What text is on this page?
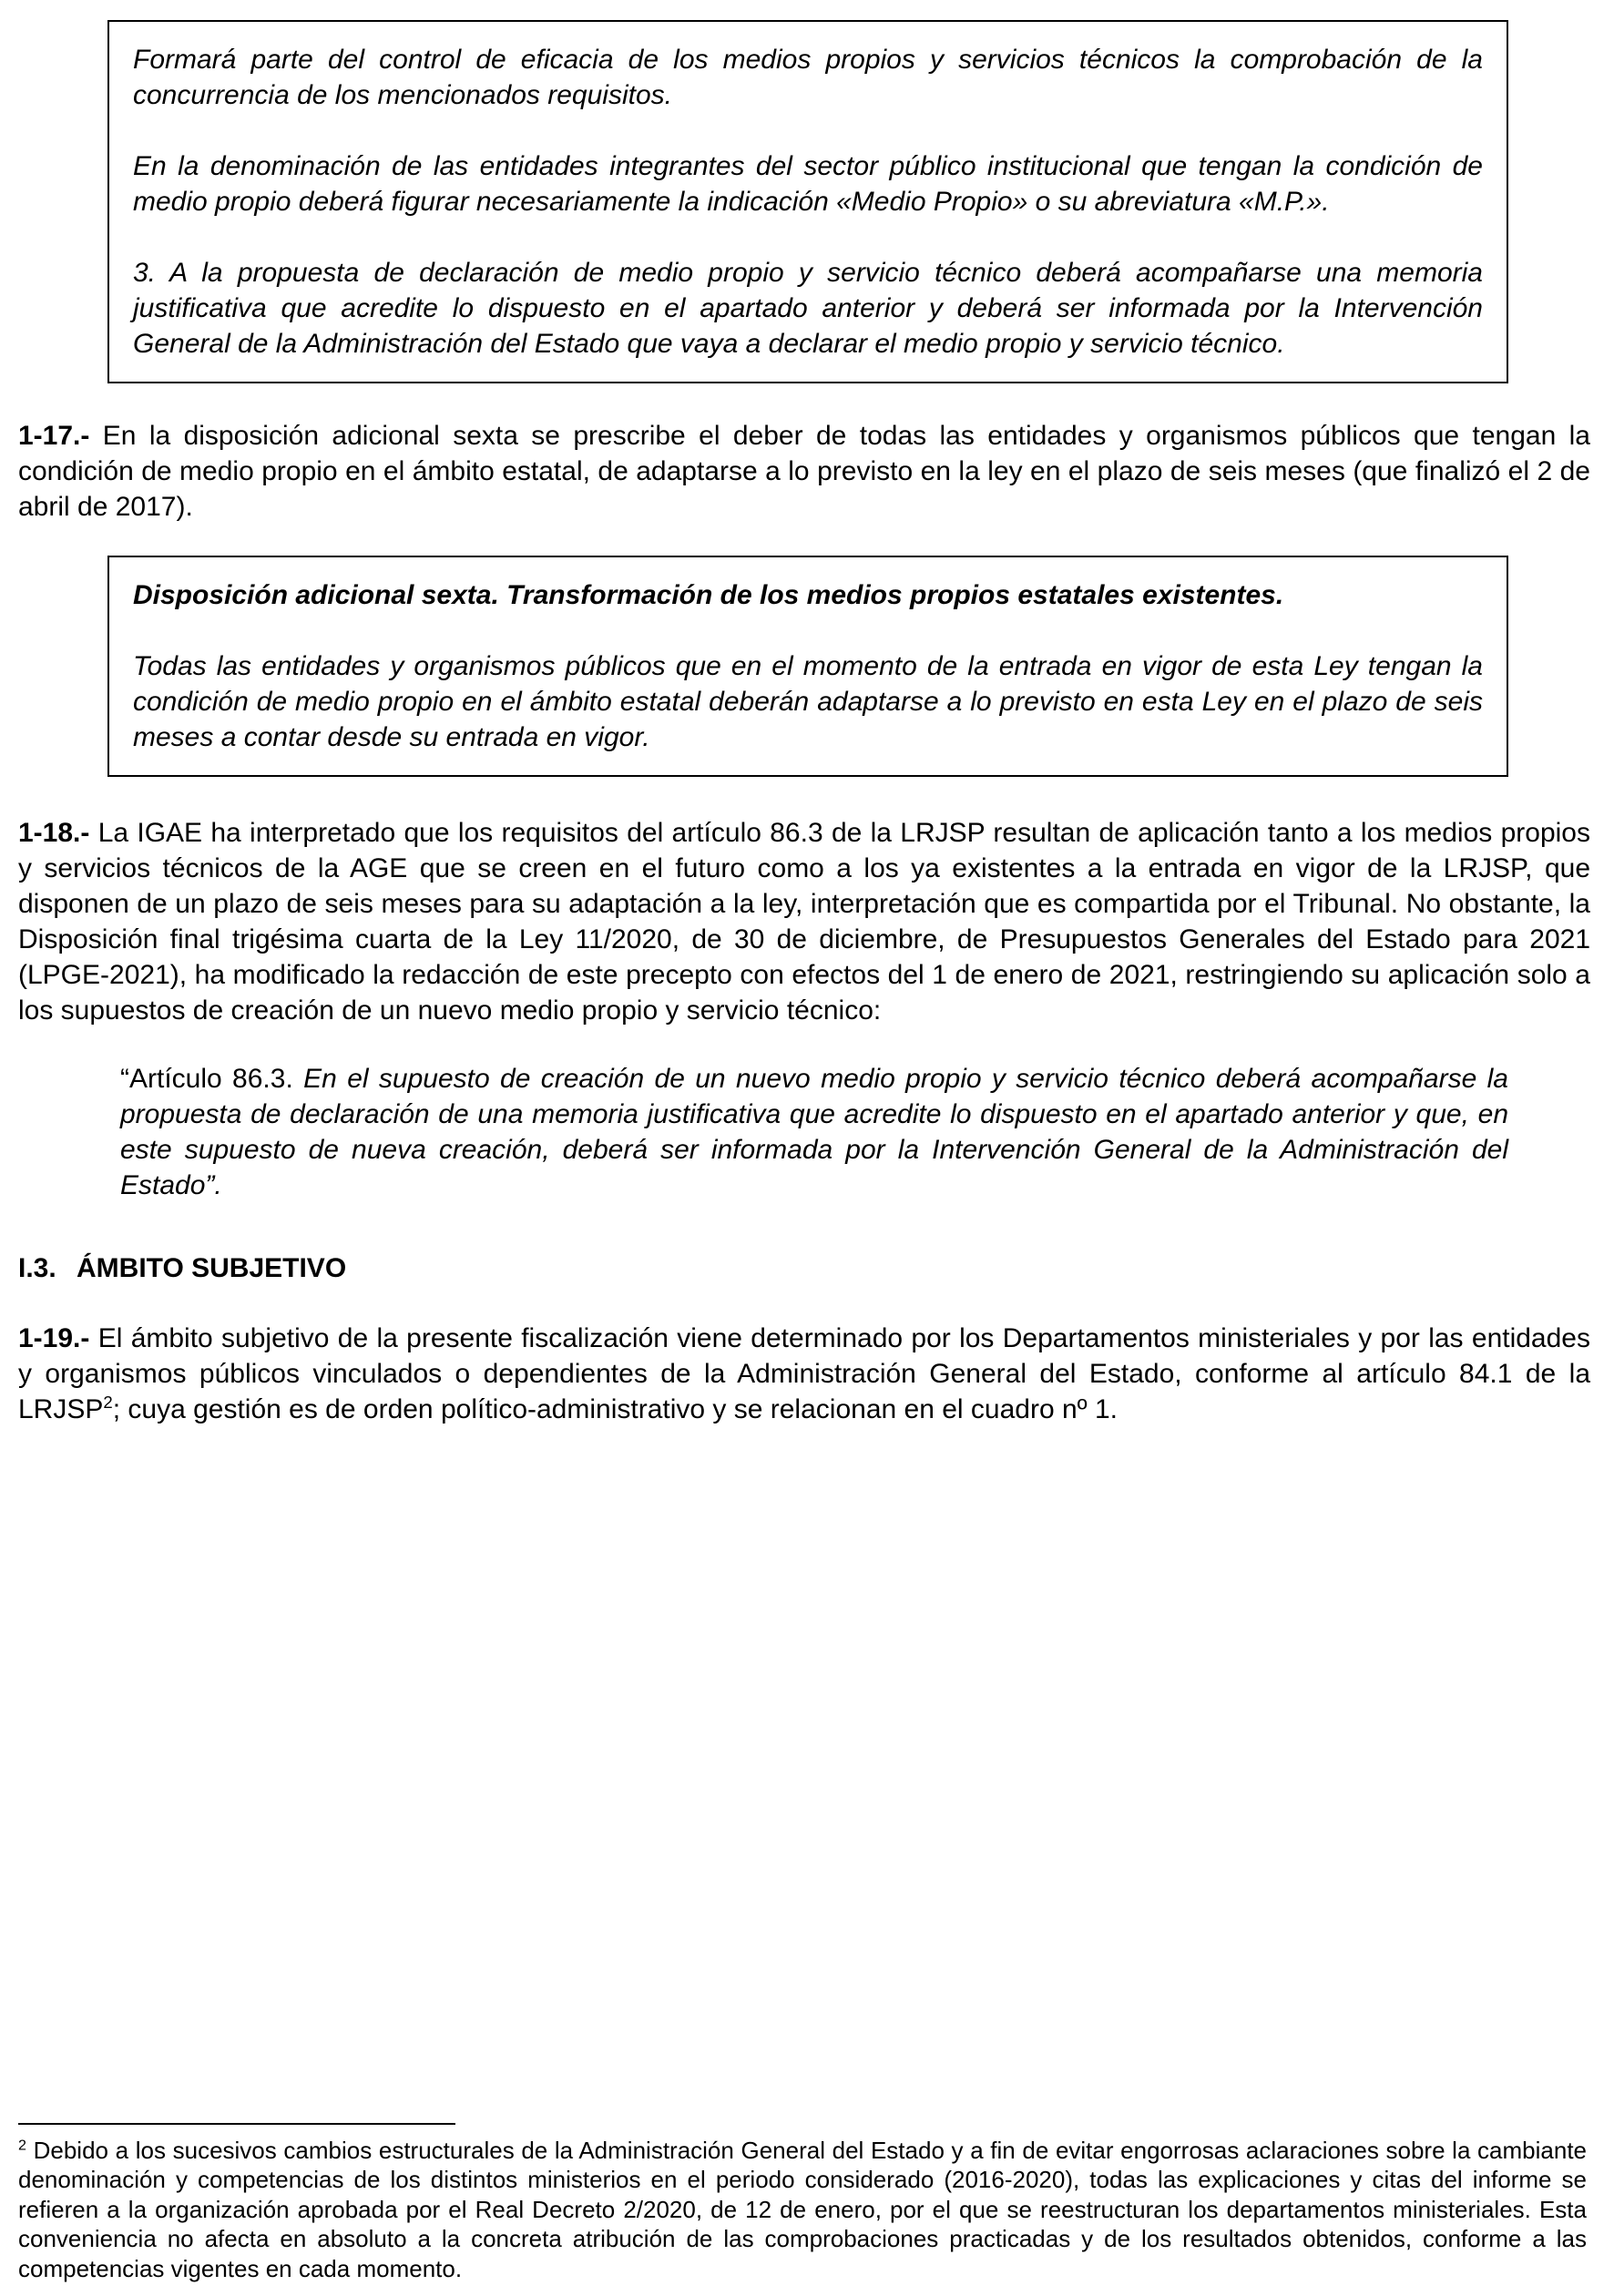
Formará parte del control de eficacia de los medios propios y servicios técnicos la comprobación de la concurrencia de los mencionados requisitos.

En la denominación de las entidades integrantes del sector público institucional que tengan la condición de medio propio deberá figurar necesariamente la indicación «Medio Propio» o su abreviatura «M.P.».

3. A la propuesta de declaración de medio propio y servicio técnico deberá acompañarse una memoria justificativa que acredite lo dispuesto en el apartado anterior y deberá ser informada por la Intervención General de la Administración del Estado que vaya a declarar el medio propio y servicio técnico.

1-17.- En la disposición adicional sexta se prescribe el deber de todas las entidades y organismos públicos que tengan la condición de medio propio en el ámbito estatal, de adaptarse a lo previsto en la ley en el plazo de seis meses (que finalizó el 2 de abril de 2017).

Disposición adicional sexta. Transformación de los medios propios estatales existentes.

Todas las entidades y organismos públicos que en el momento de la entrada en vigor de esta Ley tengan la condición de medio propio en el ámbito estatal deberán adaptarse a lo previsto en esta Ley en el plazo de seis meses a contar desde su entrada en vigor.

1-18.- La IGAE ha interpretado que los requisitos del artículo 86.3 de la LRJSP resultan de aplicación tanto a los medios propios y servicios técnicos de la AGE que se creen en el futuro como a los ya existentes a la entrada en vigor de la LRJSP, que disponen de un plazo de seis meses para su adaptación a la ley, interpretación que es compartida por el Tribunal. No obstante, la Disposición final trigésima cuarta de la Ley 11/2020, de 30 de diciembre, de Presupuestos Generales del Estado para 2021 (LPGE-2021), ha modificado la redacción de este precepto con efectos del 1 de enero de 2021, restringiendo su aplicación solo a los supuestos de creación de un nuevo medio propio y servicio técnico:

“Artículo 86.3. En el supuesto de creación de un nuevo medio propio y servicio técnico deberá acompañarse la propuesta de declaración de una memoria justificativa que acredite lo dispuesto en el apartado anterior y que, en este supuesto de nueva creación, deberá ser informada por la Intervención General de la Administración del Estado”.

I.3. ÁMBITO SUBJETIVO

1-19.- El ámbito subjetivo de la presente fiscalización viene determinado por los Departamentos ministeriales y por las entidades y organismos públicos vinculados o dependientes de la Administración General del Estado, conforme al artículo 84.1 de la LRJSP$^2$; cuya gestión es de orden político-administrativo y se relacionan en el cuadro nº 1.

$^2$ Debido a los sucesivos cambios estructurales de la Administración General del Estado y a fin de evitar engorrosas aclaraciones sobre la cambiante denominación y competencias de los distintos ministerios en el periodo considerado (2016-2020), todas las explicaciones y citas del informe se refieren a la organización aprobada por el Real Decreto 2/2020, de 12 de enero, por el que se reestructuran los departamentos ministeriales. Esta conveniencia no afecta en absoluto a la concreta atribución de las comprobaciones practicadas y de los resultados obtenidos, conforme a las competencias vigentes en cada momento.
